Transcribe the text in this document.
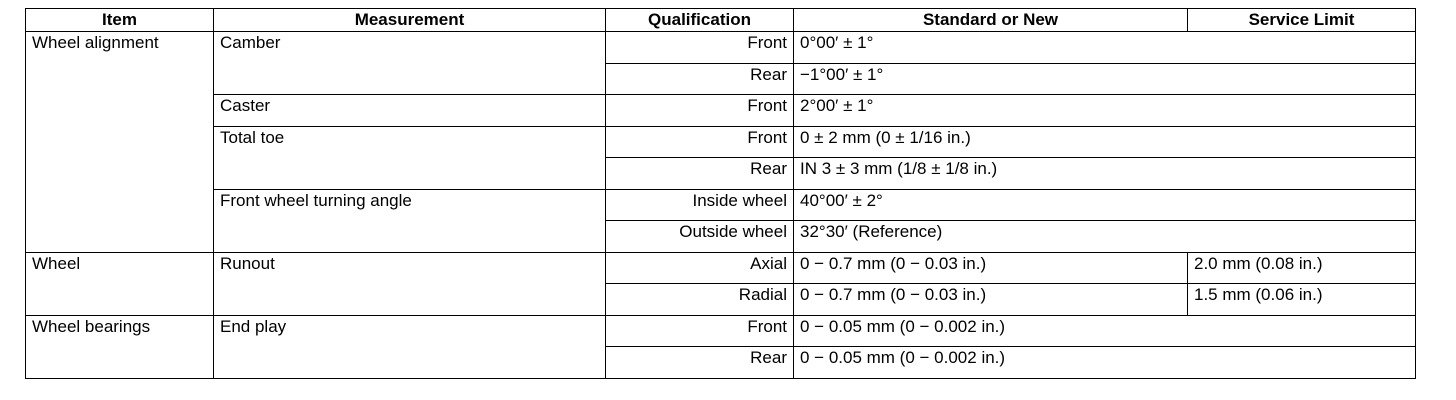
Item	Measurement	Qualification	Standard or New	Service Limit
Wheel alignment	Camber	Front	0°00′ ± 1°	
		Rear	−1°00′ ± 1°	
	Caster	Front	2°00′ ± 1°	
	Total toe	Front	0 ± 2 mm (0 ± 1/16 in.)	
		Rear	IN 3 ± 3 mm (1/8 ± 1/8 in.)	
	Front wheel turning angle	Inside wheel	40°00′ ± 2°	
		Outside wheel	32°30′ (Reference)	
Wheel	Runout	Axial	0 − 0.7 mm (0 − 0.03 in.)	2.0 mm (0.08 in.)
		Radial	0 − 0.7 mm (0 − 0.03 in.)	1.5 mm (0.06 in.)
Wheel bearings	End play	Front	0 − 0.05 mm (0 − 0.002 in.)	
		Rear	0 − 0.05 mm (0 − 0.002 in.)	
